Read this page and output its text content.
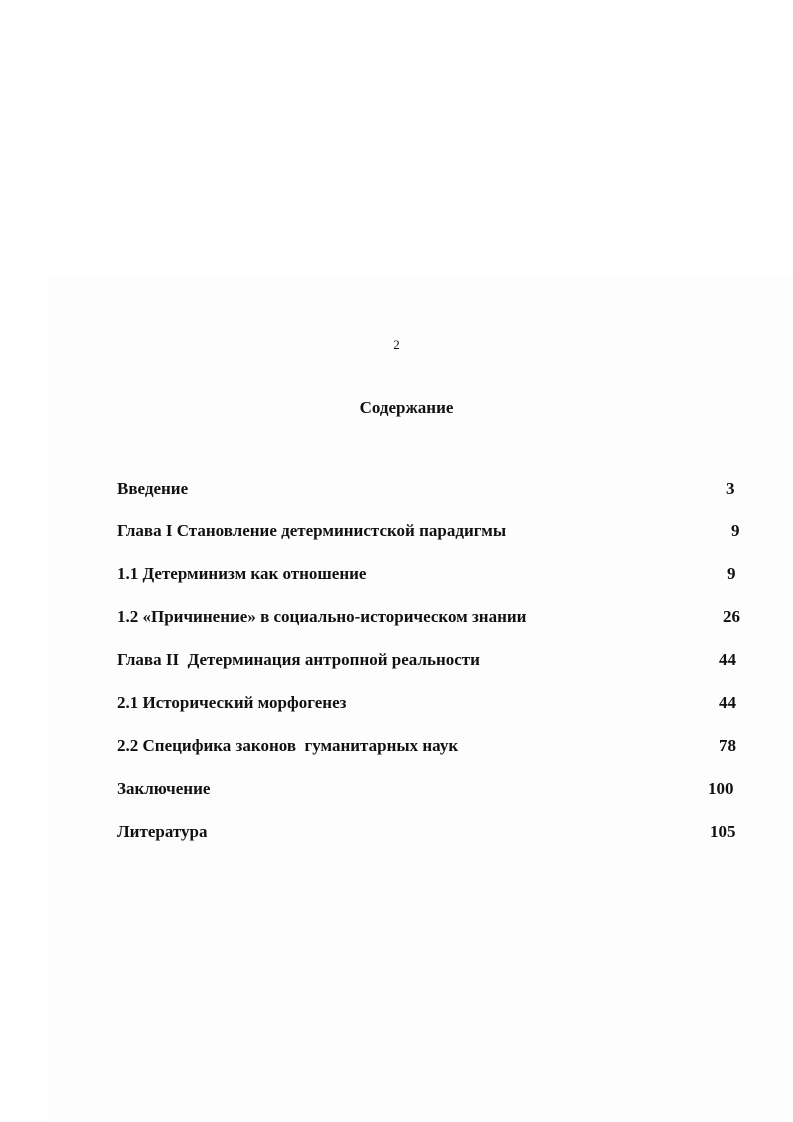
2
Содержание
Введение	3
Глава I Становление детерминистской парадигмы	9
1.1 Детерминизм как отношение	9
1.2 «Причинение» в социально-историческом знании	26
Глава II  Детерминация антропной реальности	44
2.1 Исторический морфогенез	44
2.2 Специфика законов  гуманитарных наук	78
Заключение	100
Литература	105
